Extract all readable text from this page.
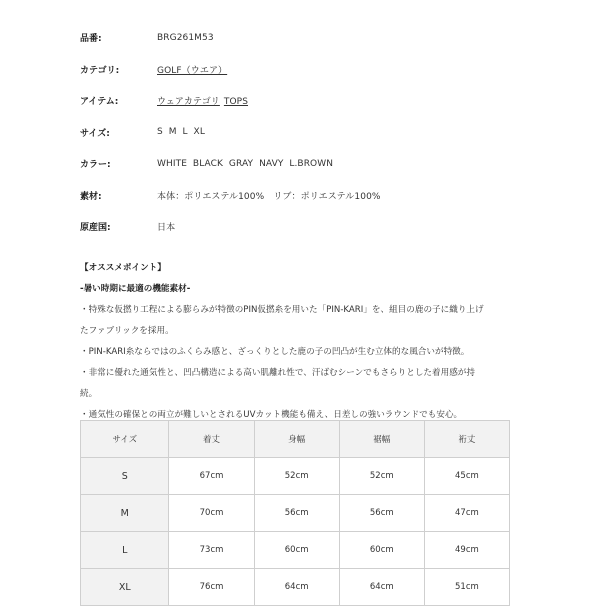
品番:	BRG261M53
カテゴリ:	GOLF（ウエア）
アイテム:	ウェアカテゴリ TOPS
サイズ:	S  M  L  XL
カラー:	WHITE  BLACK  GRAY  NAVY  L.BROWN
素材:	本体：ポリエステル100%　リブ：ポリエステル100%
原産国:	日本
【オススメポイント】
-暑い時期に最適の機能素材-
・特殊な仮撚り工程による膨らみが特徴のPIN仮撚糸を用いた「PIN-KARI」を、組目の鹿の子に織り上げ
たファブリックを採用。
・PIN-KARI糸ならではのふくらみ感と、ざっくりとした鹿の子の凹凸が生む立体的な風合いが特徴。
・非常に優れた通気性と、凹凸構造による高い肌離れ性で、汗ばむシーンでもさらりとした着用感が持
続。
・通気性の確保との両立が難しいとされるUVカット機能も備え、日差しの強いラウンドでも安心。
サイズ	着丈	身幅	裾幅	裄丈
S	67cm	52cm	52cm	45cm
M	70cm	56cm	56cm	47cm
L	73cm	60cm	60cm	49cm
XL	76cm	64cm	64cm	51cm
